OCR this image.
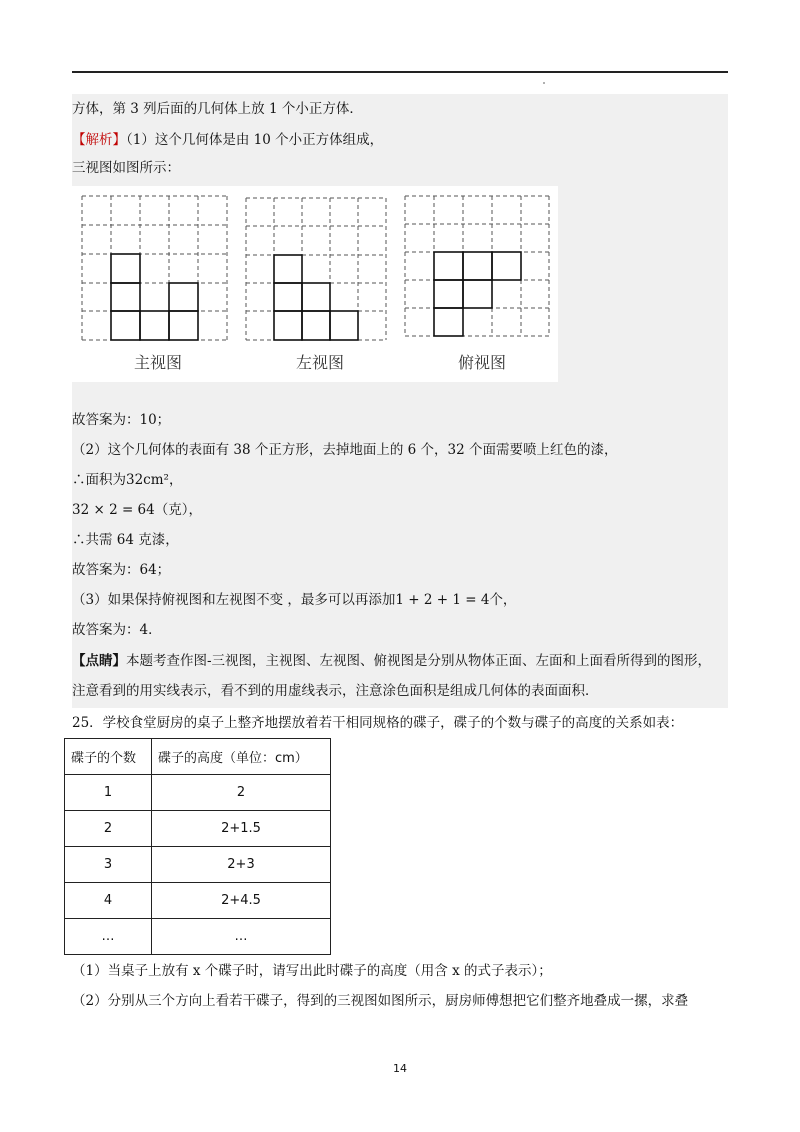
方体，第 3 列后面的几何体上放 1 个小正方体．
【解析】（1）这个几何体是由 10 个小正方体组成，
三视图如图所示：
主视图	左视图	俯视图
故答案为：10；
（2）这个几何体的表面有 38 个正方形，去掉地面上的 6 个，32 个面需要喷上红色的漆，
∴面积为32cm²，
32 × 2 = 64（克），
∴共需 64 克漆，
故答案为：64；
（3）如果保持俯视图和左视图不变 ，最多可以再添加1 + 2 + 1 = 4个，
故答案为：4．
【点睛】本题考查作图-三视图，主视图、左视图、俯视图是分别从物体正面、左面和上面看所得到的图形，
注意看到的用实线表示，看不到的用虚线表示，注意涂色面积是组成几何体的表面面积．
25．学校食堂厨房的桌子上整齐地摆放着若干相同规格的碟子，碟子的个数与碟子的高度的关系如表：
碟子的个数	碟子的高度（单位：cm）
1	2
2	2+1.5
3	2+3
4	2+4.5
…	…
（1）当桌子上放有 x 个碟子时，请写出此时碟子的高度（用含 x 的式子表示）；
（2）分别从三个方向上看若干碟子，得到的三视图如图所示，厨房师傅想把它们整齐地叠成一摞，求叠
14
